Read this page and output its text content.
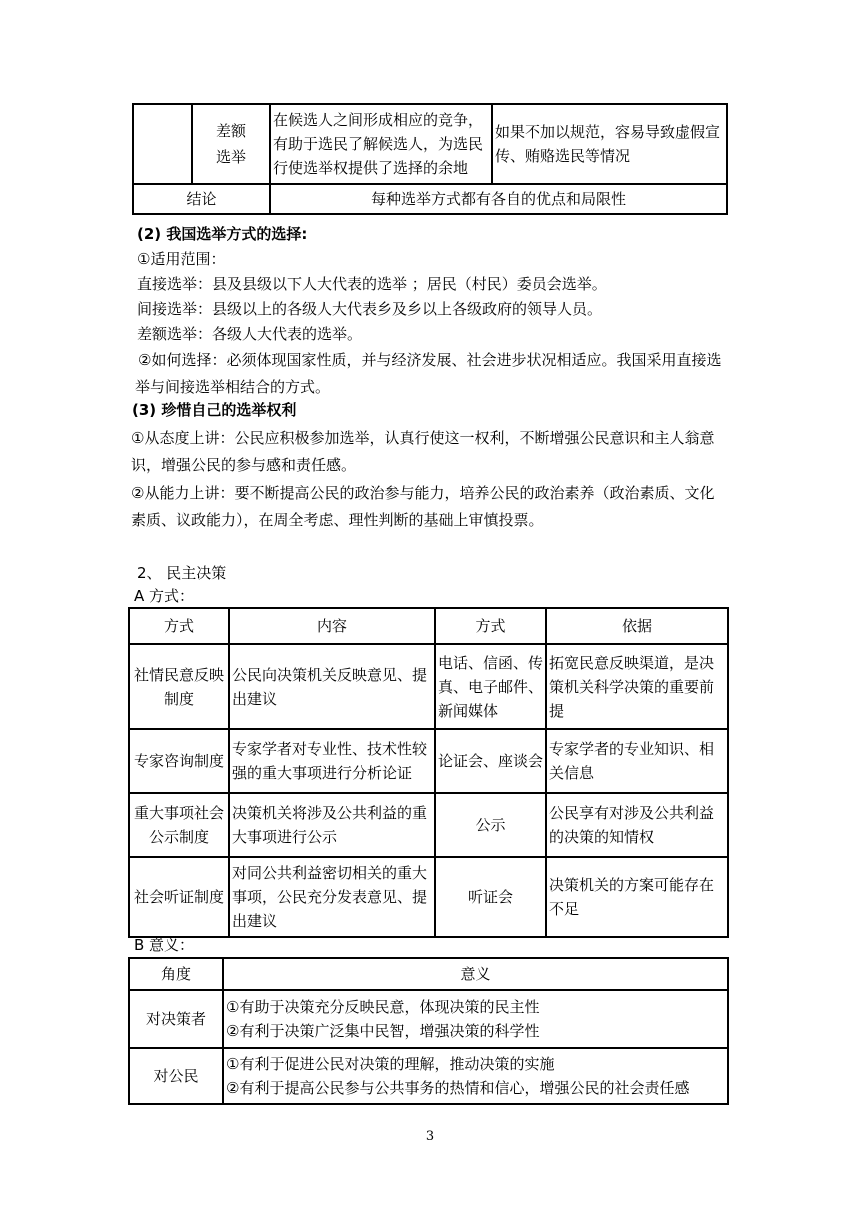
	差额选举	在候选人之间形成相应的竞争，有助于选民了解候选人，为选民行使选举权提供了选择的余地	如果不加以规范，容易导致虚假宣传、贿赂选民等情况
结论		每种选举方式都有各自的优点和局限性	
(2) 我国选举方式的选择:
①适用范围：
直接选举：县及县级以下人大代表的选举 ；居民（村民）委员会选举。
间接选举：县级以上的各级人大代表乡及乡以上各级政府的领导人员。
差额选举：各级人大代表的选举。
②如何选择：必须体现国家性质，并与经济发展、社会进步状况相适应。我国采用直接选举与间接选举相结合的方式。
(3) 珍惜自己的选举权利
①从态度上讲：公民应积极参加选举，认真行使这一权利，不断增强公民意识和主人翁意识，增强公民的参与感和责任感。
②从能力上讲：要不断提高公民的政治参与能力，培养公民的政治素养（政治素质、文化素质、议政能力），在周全考虑、理性判断的基础上审慎投票。
2、 民主决策
A 方式：
方式	内容	方式	依据
社情民意反映制度	公民向决策机关反映意见、提出建议	电话、信函、传真、电子邮件、新闻媒体	拓宽民意反映渠道，是决策机关科学决策的重要前提
专家咨询制度	专家学者对专业性、技术性较强的重大事项进行分析论证	论证会、座谈会	专家学者的专业知识、相关信息
重大事项社会公示制度	决策机关将涉及公共利益的重大事项进行公示	公示	公民享有对涉及公共利益的决策的知情权
社会听证制度	对同公共利益密切相关的重大事项，公民充分发表意见、提出建议	听证会	决策机关的方案可能存在不足
B 意义：
角度	意义
对决策者	①有助于决策充分反映民意，体现决策的民主性
②有利于决策广泛集中民智，增强决策的科学性

对公民	①有利于促进公民对决策的理解，推动决策的实施
②有利于提高公民参与公共事务的热情和信心，增强公民的社会责任感
3
